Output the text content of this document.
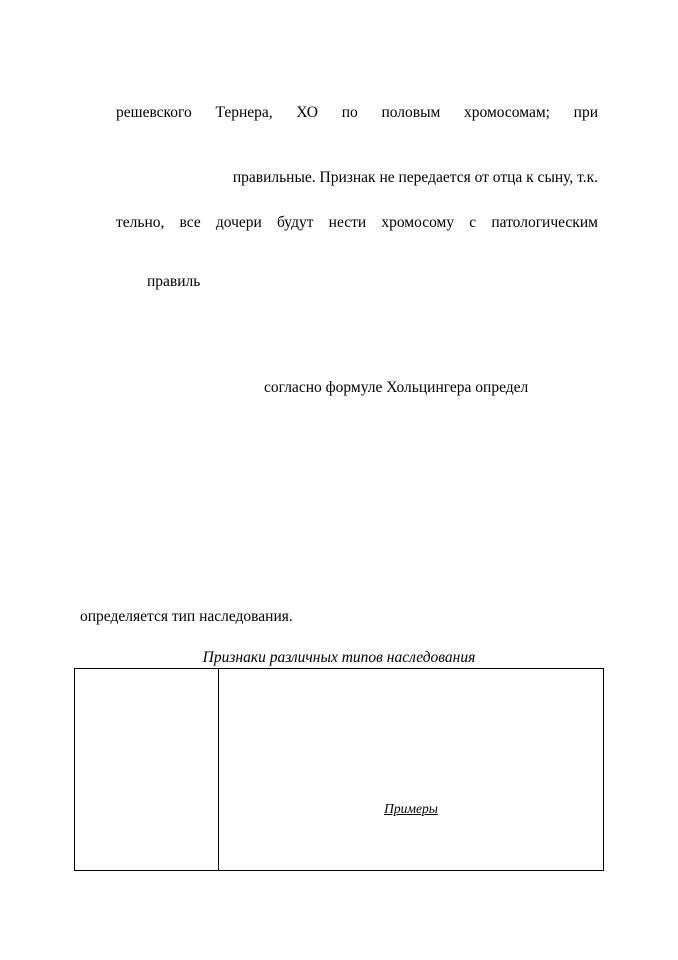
решевского Тернера, ХО по половым хромосомам; при
правильные. Признак не передается от отца к сыну, т.к.
тельно, все дочери будут нести хромосому с патологическим
правиль
согласно формуле Хольцингера определ
определяется тип наследования.
Признаки различных типов наследования
Примеры
